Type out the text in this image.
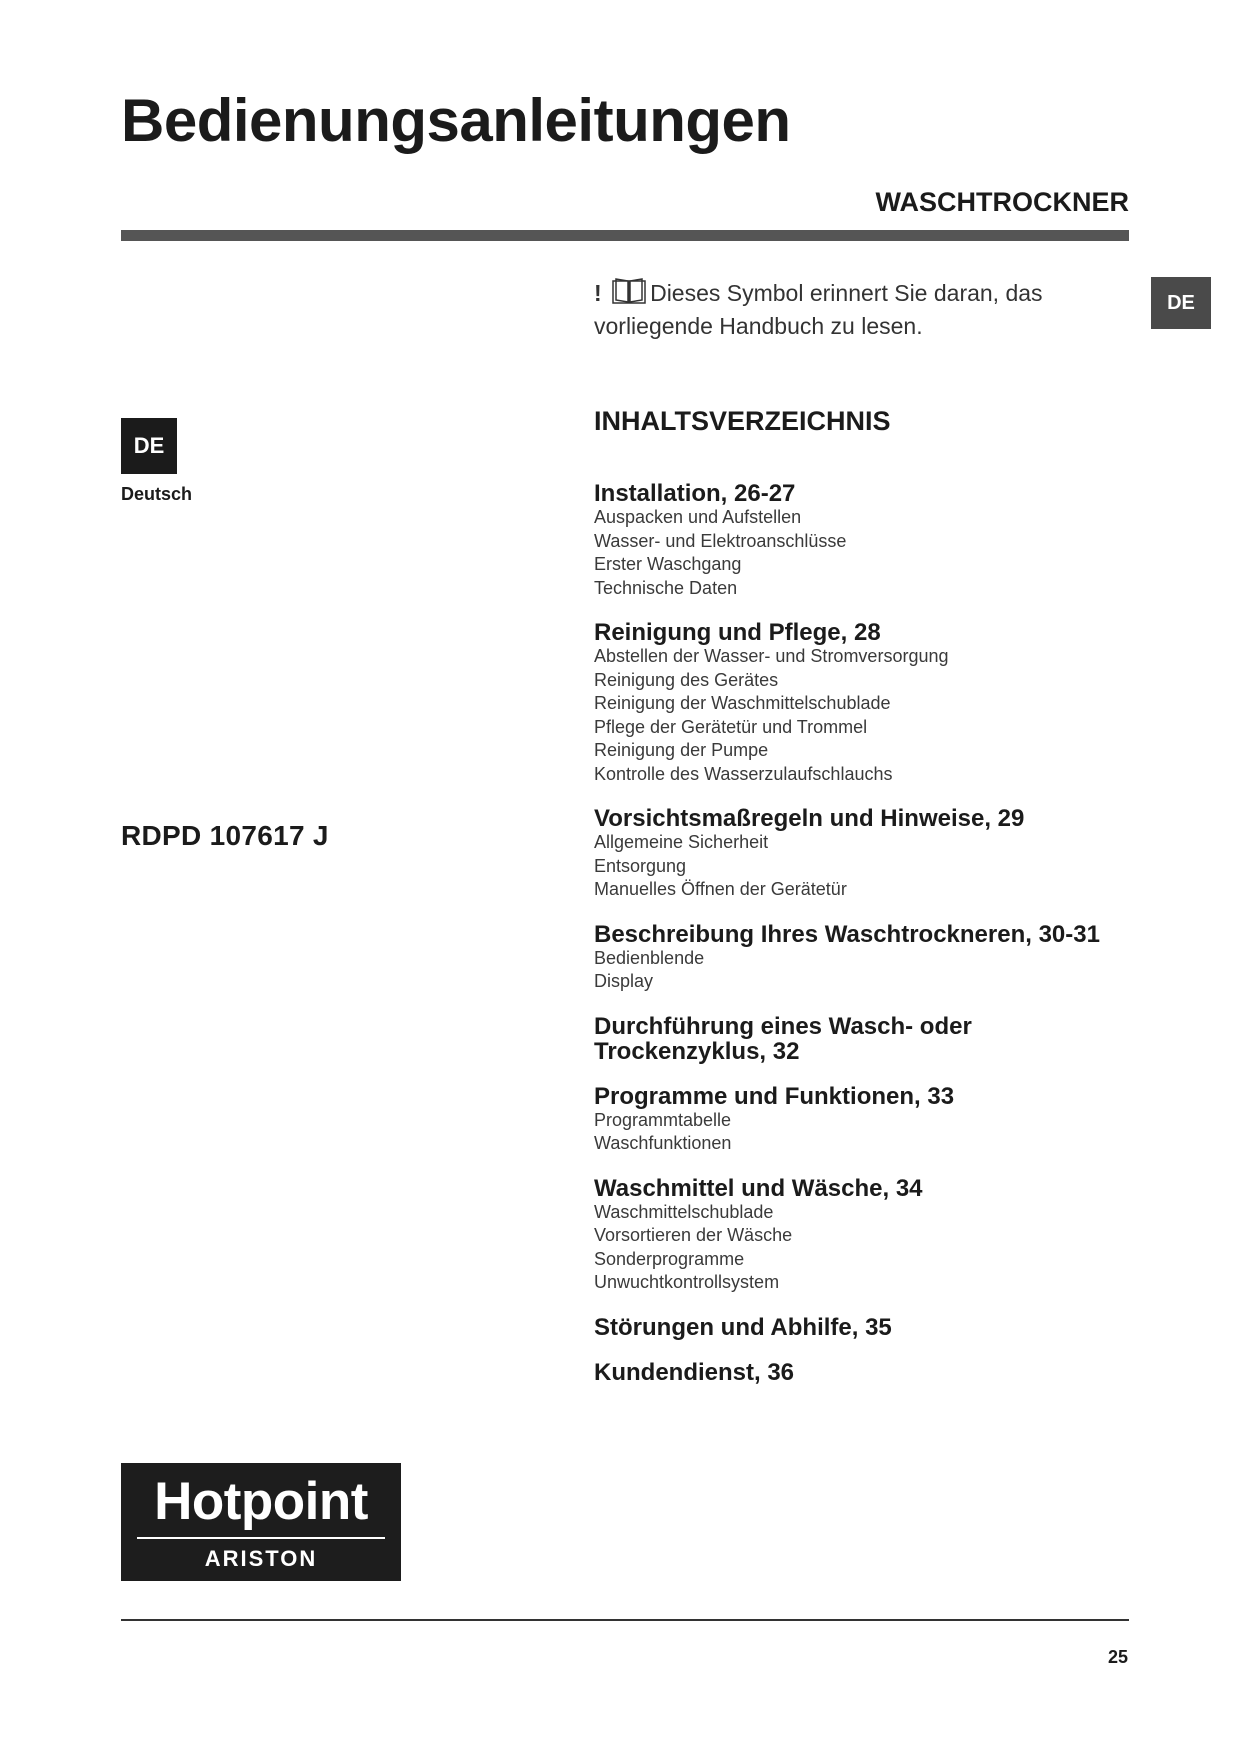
Bedienungsanleitungen
WASCHTROCKNER
DE
! Dieses Symbol erinnert Sie daran, das vorliegende Handbuch zu lesen.
DE
Deutsch
RDPD 107617 J
INHALTSVERZEICHNIS
Installation, 26-27
Auspacken und Aufstellen
Wasser- und Elektroanschlüsse
Erster Waschgang
Technische Daten
Reinigung und Pflege, 28
Abstellen der Wasser- und Stromversorgung
Reinigung des Gerätes
Reinigung der Waschmittelschublade
Pflege der Gerätetür und Trommel
Reinigung der Pumpe
Kontrolle des Wasserzulaufschlauchs
Vorsichtsmaßregeln und Hinweise, 29
Allgemeine Sicherheit
Entsorgung
Manuelles Öffnen der Gerätetür
Beschreibung Ihres Waschtrockneren, 30-31
Bedienblende
Display
Durchführung eines Wasch- oder Trockenzyklus, 32
Programme und Funktionen, 33
Programmtabelle
Waschfunktionen
Waschmittel und Wäsche, 34
Waschmittelschublade
Vorsortieren der Wäsche
Sonderprogramme
Unwuchtkontrollsystem
Störungen und Abhilfe, 35
Kundendienst, 36
Hotpoint
ARISTON
25
